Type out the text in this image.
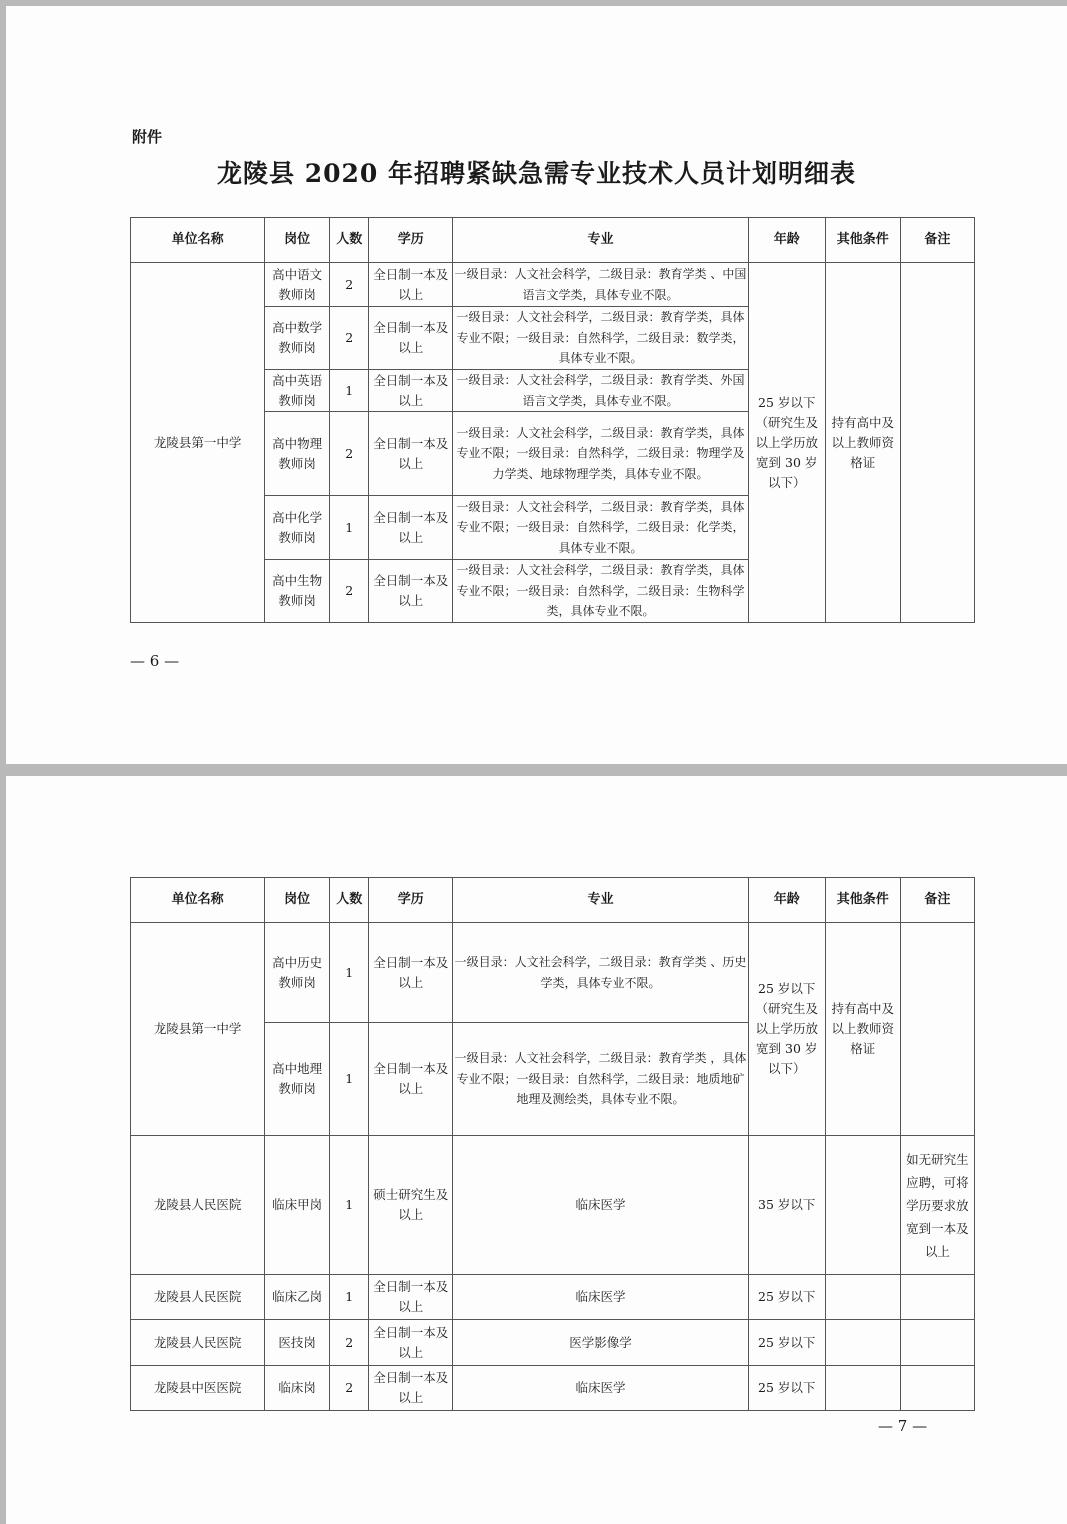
附件
龙陵县 2020 年招聘紧缺急需专业技术人员计划明细表
单位名称	岗位	人数	学历	专业	年龄	其他条件	备注
龙陵县第一中学	高中语文教师岗	2	全日制一本及以上	一级目录：人文社会科学，二级目录：教育学类 、中国语言文学类，具体专业不限。	25 岁以下（研究生及以上学历放宽到 30 岁以下）	持有高中及以上教师资格证	
	高中数学教师岗	2	全日制一本及以上	一级目录：人文社会科学，二级目录：教育学类，具体专业不限；一级目录：自然科学，二级目录：数学类，具体专业不限。			
	高中英语教师岗	1	全日制一本及以上	一级目录：人文社会科学，二级目录：教育学类、外国语言文学类，具体专业不限。			
	高中物理教师岗	2	全日制一本及以上	一级目录：人文社会科学，二级目录：教育学类，具体专业不限；一级目录：自然科学，二级目录：物理学及力学类、地球物理学类，具体专业不限。			
	高中化学教师岗	1	全日制一本及以上	一级目录：人文社会科学，二级目录：教育学类，具体专业不限；一级目录：自然科学，二级目录：化学类，具体专业不限。			
	高中生物教师岗	2	全日制一本及以上	一级目录：人文社会科学，二级目录：教育学类，具体专业不限；一级目录：自然科学，二级目录：生物科学类，具体专业不限。			
— 6 —
单位名称	岗位	人数	学历	专业	年龄	其他条件	备注
龙陵县第一中学	高中历史教师岗	1	全日制一本及以上	一级目录：人文社会科学，二级目录：教育学类 、历史学类，具体专业不限。	25 岁以下（研究生及以上学历放宽到 30 岁以下）	持有高中及以上教师资格证	
	高中地理教师岗	1	全日制一本及以上	一级目录：人文社会科学，二级目录：教育学类 ，具体专业不限；一级目录：自然科学，二级目录：地质地矿地理及测绘类，具体专业不限。			
龙陵县人民医院	临床甲岗	1	硕士研究生及以上	临床医学	35 岁以下		如无研究生应聘，可将学历要求放宽到一本及以上
龙陵县人民医院	临床乙岗	1	全日制一本及以上	临床医学	25 岁以下		
龙陵县人民医院	医技岗	2	全日制一本及以上	医学影像学	25 岁以下		
龙陵县中医医院	临床岗	2	全日制一本及以上	临床医学	25 岁以下		
— 7 —
